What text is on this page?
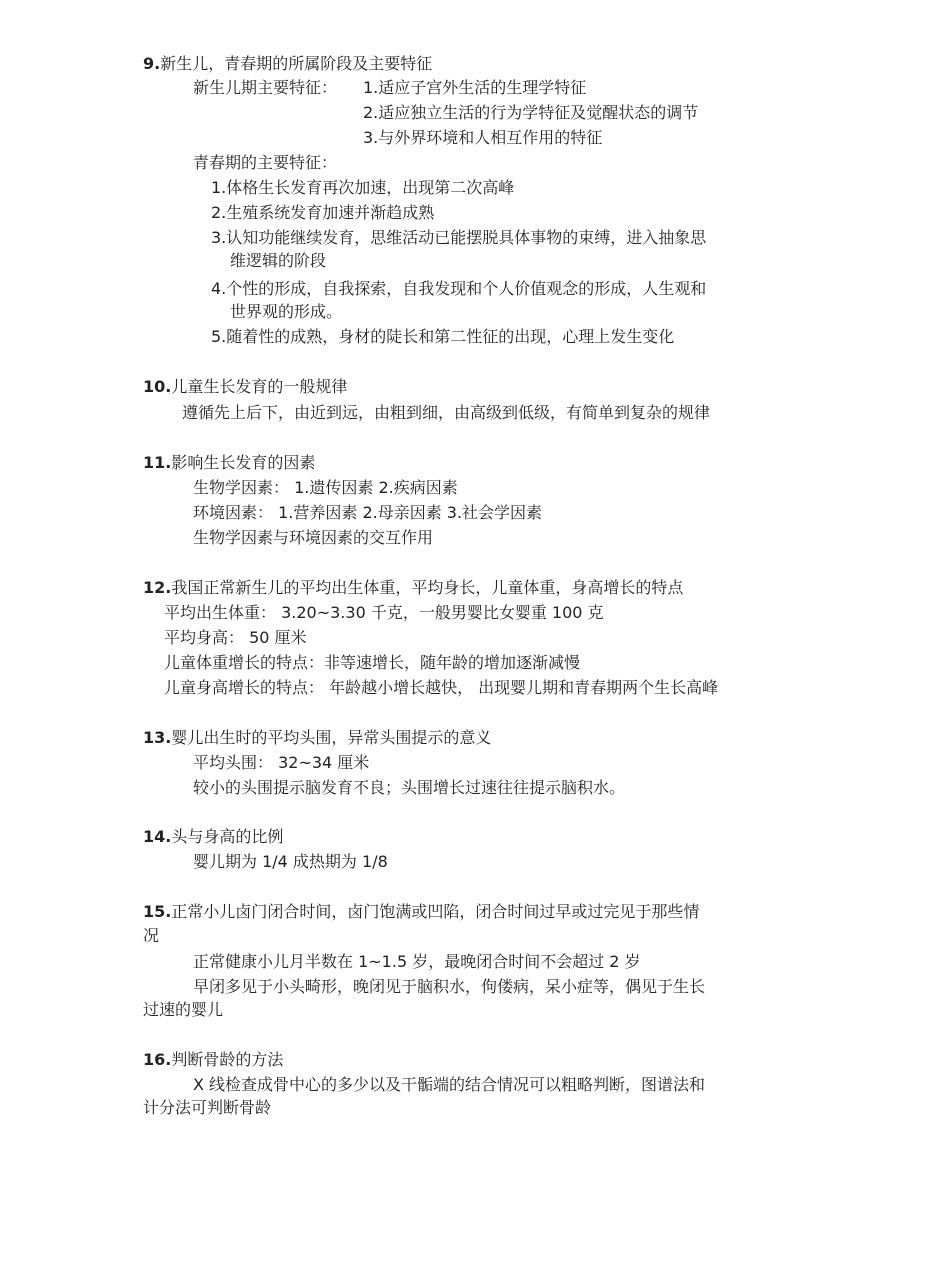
9.新生儿，青春期的所属阶段及主要特征
新生儿期主要特征： 1.适应子宫外生活的生理学特征
2.适应独立生活的行为学特征及觉醒状态的调节
3.与外界环境和人相互作用的特征
青春期的主要特征：
1.体格生长发育再次加速，出现第二次高峰
2.生殖系统发育加速并渐趋成熟
3.认知功能继续发育，思维活动已能摆脱具体事物的束缚，进入抽象思
维逻辑的阶段
4.个性的形成，自我探索，自我发现和个人价值观念的形成，人生观和
世界观的形成。
5.随着性的成熟，身材的陡长和第二性征的出现，心理上发生变化
10.儿童生长发育的一般规律
遵循先上后下，由近到远，由粗到细，由高级到低级，有简单到复杂的规律
11.影响生长发育的因素
生物学因素： 1.遗传因素 2.疾病因素
环境因素： 1.营养因素 2.母亲因素 3.社会学因素
生物学因素与环境因素的交互作用
12.我国正常新生儿的平均出生体重，平均身长，儿童体重，身高增长的特点
平均出生体重： 3.20~3.30 千克，一般男婴比女婴重 100 克
平均身高： 50 厘米
儿童体重增长的特点：非等速增长，随年龄的增加逐渐减慢
儿童身高增长的特点： 年龄越小增长越快， 出现婴儿期和青春期两个生长高峰
13.婴儿出生时的平均头围，异常头围提示的意义
平均头围： 32~34 厘米
较小的头围提示脑发育不良；头围增长过速往往提示脑积水。
14.头与身高的比例
婴儿期为 1/4 成热期为 1/8
15.正常小儿卤门闭合时间，卤门饱满或凹陷，闭合时间过早或过完见于那些情
况
正常健康小儿月半数在 1~1.5 岁，最晚闭合时间不会超过 2 岁
早闭多见于小头畸形，晚闭见于脑积水，佝偻病，呆小症等，偶见于生长
过速的婴儿
16.判断骨龄的方法
X 线检查成骨中心的多少以及干骺端的结合情况可以粗略判断，图谱法和
计分法可判断骨龄
